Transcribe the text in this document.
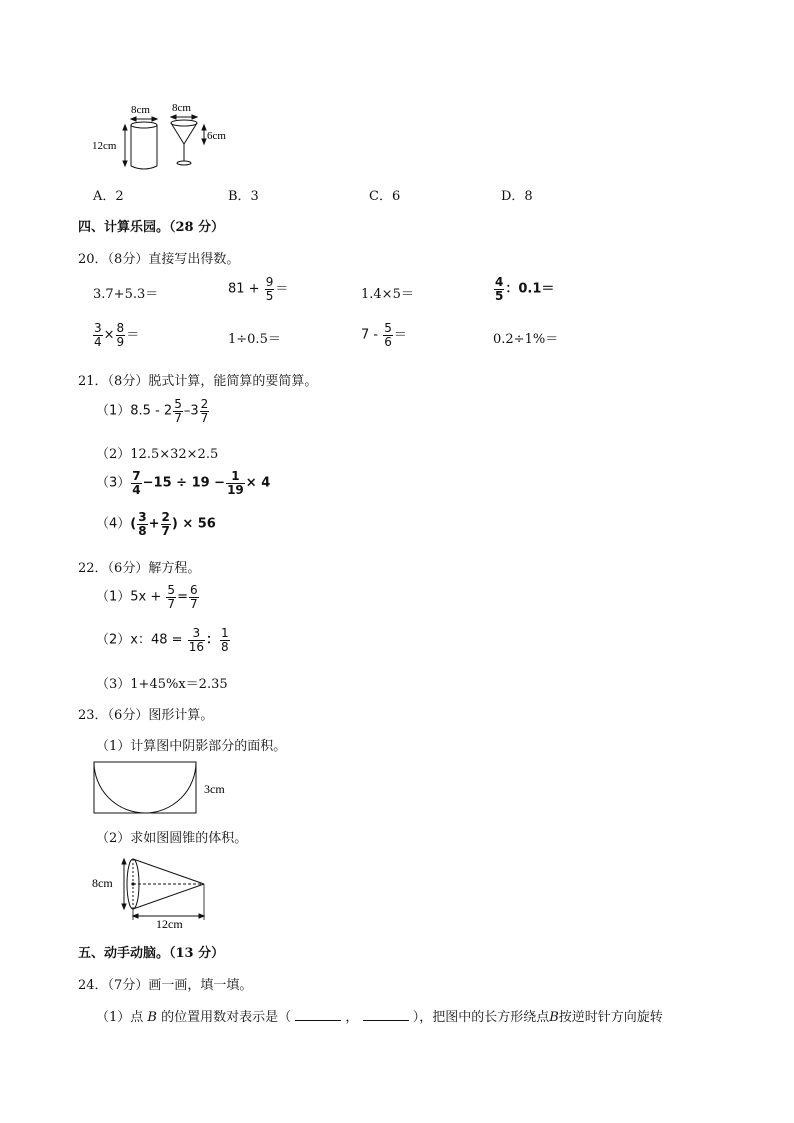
8cm
12cm
8cm
6cm
A．2	B．3	C．6	D．8
四、计算乐园。（28 分）
20．（8分）直接写出得数。
3.7+5.3＝	$81 + \frac{9}{5}$ ＝	1.4×5＝	$\frac{4}{5}$ ：0.1＝
$\frac{3}{4} \times \frac{8}{9}$ ＝	1÷0.5＝	$7 - \frac{5}{6}$ ＝	0.2÷1%＝
21．（8分）脱式计算，能简算的要简算。
$(1)8.5 - 2 \frac{5}{7} -3 \frac{2}{7}$
（2）12.5×32×2.5
$(3) \frac{7}{4} -15 \div 19 - \frac{1}{19} \times 4$
$(4)( \frac{3}{8} + \frac{2}{7}$ ) × 56
22．（6分）解方程。
$(1)5x + \frac{5}{7} = \frac{6}{7}$
（2）x：$48 = \frac{3}{16}$ ： $\frac{1}{8}$
（3）1+45%x＝2.35
23．（6分）图形计算。
（1）计算图中阴影部分的面积。
3cm
（2）求如图圆锥的体积。
8cm
12cm
五、动手动脑。（13 分）
24．（7分）画一画，填一填。
（1）点 B 的位置用数对表示是（	，	），把图中的长方形绕点B按逆时针方向旋转
